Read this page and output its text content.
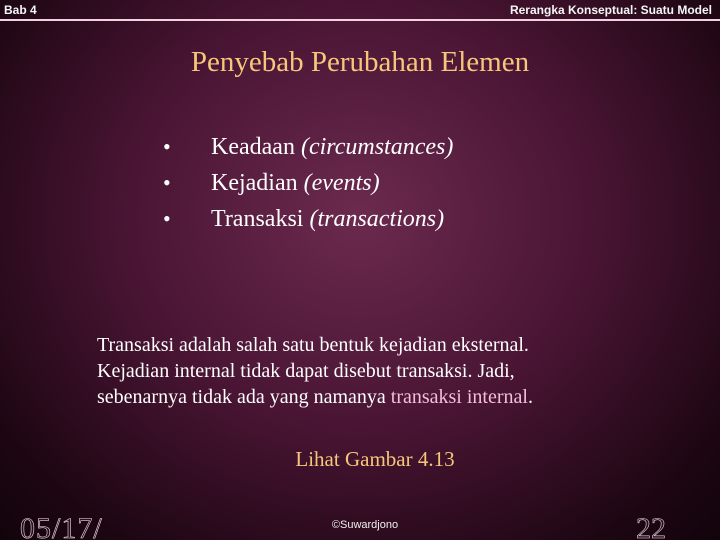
Bab 4	Rerangka Konseptual: Suatu Model
Penyebab Perubahan Elemen
•	Keadaan (circumstances)
•	Kejadian (events)
•	Transaksi (transactions)
Transaksi adalah salah satu bentuk kejadian eksternal.
Kejadian internal tidak dapat disebut transaksi. Jadi,
sebenarnya tidak ada yang namanya transaksi internal.
Lihat Gambar 4.13
05/17/	©Suwardjono	22
